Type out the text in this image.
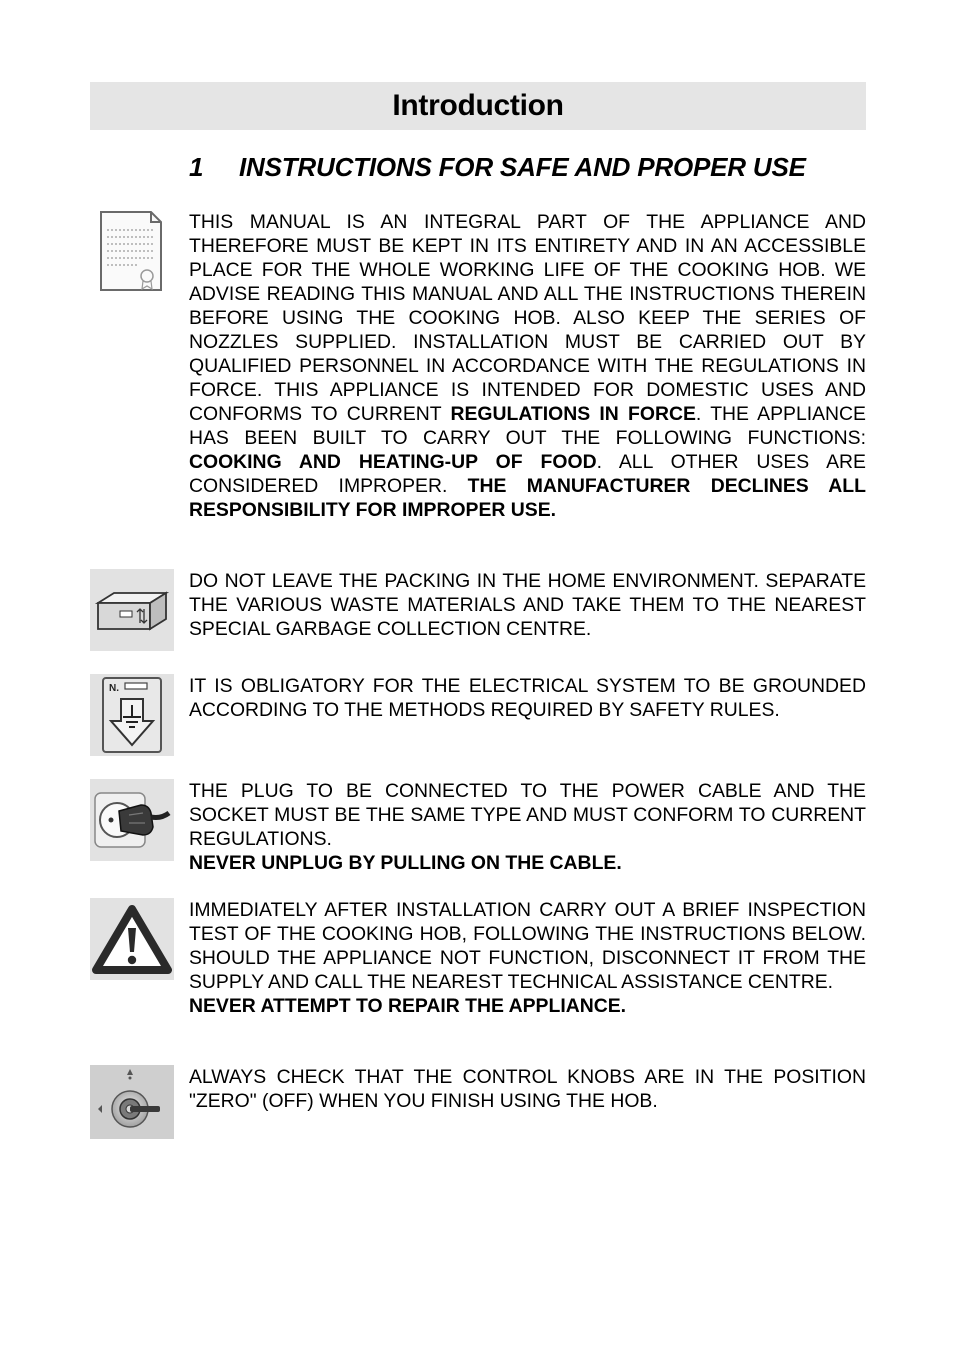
Introduction
1 INSTRUCTIONS FOR SAFE AND PROPER USE

THIS MANUAL IS AN INTEGRAL PART OF THE APPLIANCE AND THEREFORE MUST BE KEPT IN ITS ENTIRETY AND IN AN ACCESSIBLE PLACE FOR THE WHOLE WORKING LIFE OF THE COOKING HOB. WE ADVISE READING THIS MANUAL AND ALL THE INSTRUCTIONS THEREIN BEFORE USING THE COOKING HOB. ALSO KEEP THE SERIES OF NOZZLES SUPPLIED. INSTALLATION MUST BE CARRIED OUT BY QUALIFIED PERSONNEL IN ACCORDANCE WITH THE REGULATIONS IN FORCE. THIS APPLIANCE IS INTENDED FOR DOMESTIC USES AND CONFORMS TO CURRENT REGULATIONS IN FORCE. THE APPLIANCE HAS BEEN BUILT TO CARRY OUT THE FOLLOWING FUNCTIONS: COOKING AND HEATING-UP OF FOOD. ALL OTHER USES ARE CONSIDERED IMPROPER. THE MANUFACTURER DECLINES ALL RESPONSIBILITY FOR IMPROPER USE.

DO NOT LEAVE THE PACKING IN THE HOME ENVIRONMENT. SEPARATE THE VARIOUS WASTE MATERIALS AND TAKE THEM TO THE NEAREST SPECIAL GARBAGE COLLECTION CENTRE.

N.	IT IS OBLIGATORY FOR THE ELECTRICAL SYSTEM TO BE GROUNDED ACCORDING TO THE METHODS REQUIRED BY SAFETY RULES.

THE PLUG TO BE CONNECTED TO THE POWER CABLE AND THE SOCKET MUST BE THE SAME TYPE AND MUST CONFORM TO CURRENT REGULATIONS.
NEVER UNPLUG BY PULLING ON THE CABLE.

IMMEDIATELY AFTER INSTALLATION CARRY OUT A BRIEF INSPECTION TEST OF THE COOKING HOB, FOLLOWING THE INSTRUCTIONS BELOW. SHOULD THE APPLIANCE NOT FUNCTION, DISCONNECT IT FROM THE SUPPLY AND CALL THE NEAREST TECHNICAL ASSISTANCE CENTRE.
NEVER ATTEMPT TO REPAIR THE APPLIANCE.

ALWAYS CHECK THAT THE CONTROL KNOBS ARE IN THE POSITION "ZERO" (OFF) WHEN YOU FINISH USING THE HOB.
